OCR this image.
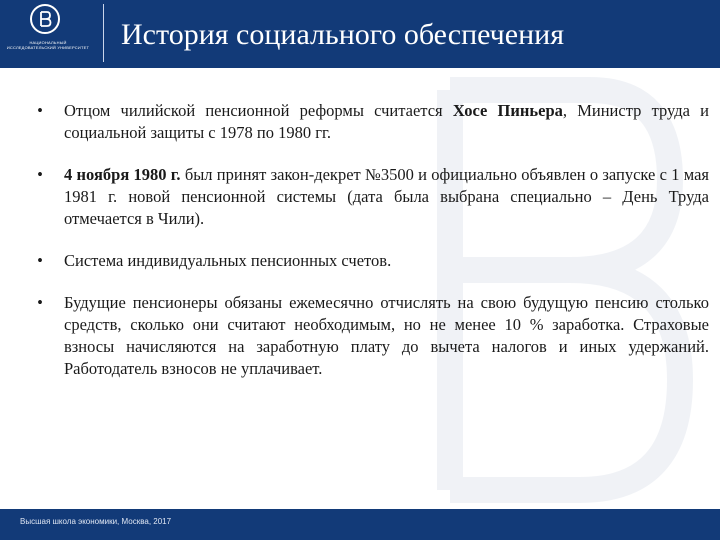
НАЦИОНАЛЬНЫЙ ИССЛЕДОВАТЕЛЬСКИЙ УНИВЕРСИТЕТ История социального обеспечения
• Отцом чилийской пенсионной реформы считается Хосе Пиньера, Министр труда и социальной защиты с 1978 по 1980 гг.
• 4 ноября 1980 г. был принят закон-декрет №3500 и официально объявлен о запуске с 1 мая 1981 г. новой пенсионной системы (дата была выбрана специально – День Труда отмечается в Чили).
• Система индивидуальных пенсионных счетов.
• Будущие пенсионеры обязаны ежемесячно отчислять на свою будущую пенсию столько средств, сколько они считают необходимым, но не менее 10 % заработка. Страховые взносы начисляются на заработную плату до вычета налогов и иных удержаний. Работодатель взносов не уплачивает.
Высшая школа экономики, Москва, 2017
